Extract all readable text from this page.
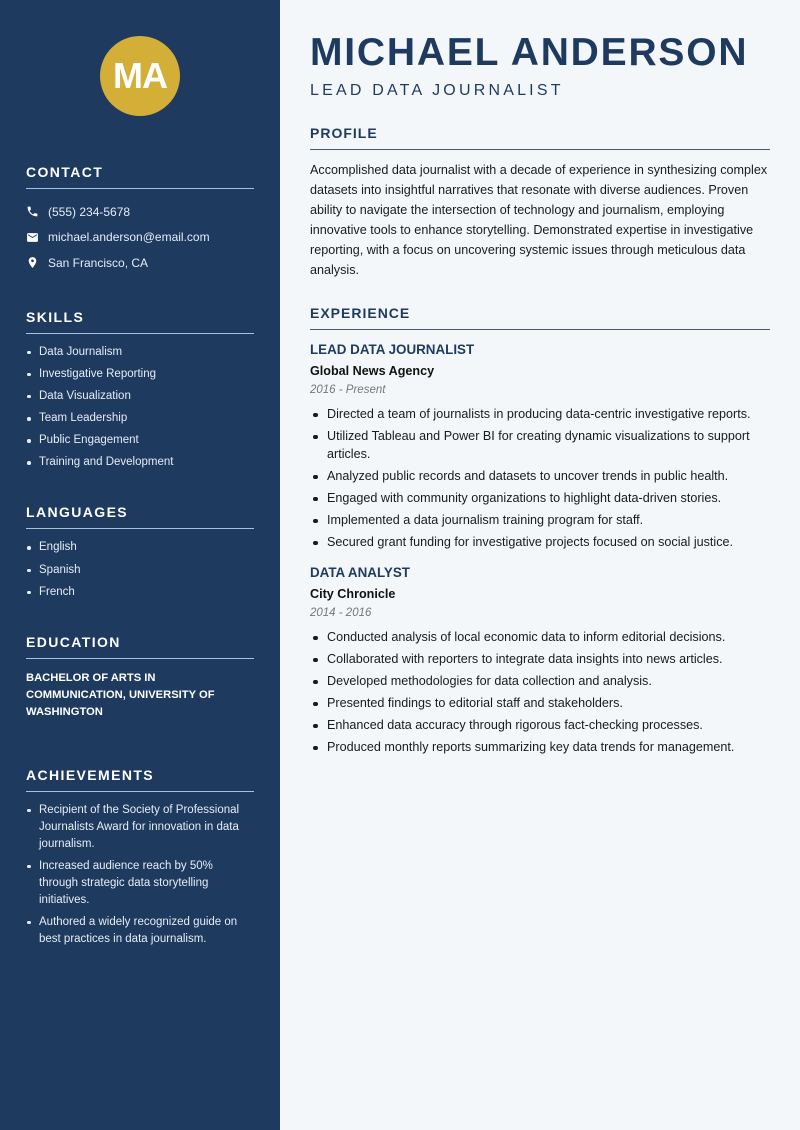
MA
CONTACT
(555) 234-5678
michael.anderson@email.com
San Francisco, CA
SKILLS
Data Journalism
Investigative Reporting
Data Visualization
Team Leadership
Public Engagement
Training and Development
LANGUAGES
English
Spanish
French
EDUCATION

BACHELOR OF ARTS IN COMMUNICATION, UNIVERSITY OF WASHINGTON

ACHIEVEMENTS
Recipient of the Society of Professional Journalists Award for innovation in data journalism.
Increased audience reach by 50% through strategic data storytelling initiatives.
Authored a widely recognized guide on best practices in data journalism.
MICHAEL ANDERSON
LEAD DATA JOURNALIST
PROFILE

Accomplished data journalist with a decade of experience in synthesizing complex datasets into insightful narratives that resonate with diverse audiences. Proven ability to navigate the intersection of technology and journalism, employing innovative tools to enhance storytelling. Demonstrated expertise in investigative reporting, with a focus on uncovering systemic issues through meticulous data analysis.

EXPERIENCE
LEAD DATA JOURNALIST
Global News Agency
2016 - Present
Directed a team of journalists in producing data-centric investigative reports.
Utilized Tableau and Power BI for creating dynamic visualizations to support articles.
Analyzed public records and datasets to uncover trends in public health.
Engaged with community organizations to highlight data-driven stories.
Implemented a data journalism training program for staff.
Secured grant funding for investigative projects focused on social justice.
DATA ANALYST
City Chronicle
2014 - 2016
Conducted analysis of local economic data to inform editorial decisions.
Collaborated with reporters to integrate data insights into news articles.
Developed methodologies for data collection and analysis.
Presented findings to editorial staff and stakeholders.
Enhanced data accuracy through rigorous fact-checking processes.
Produced monthly reports summarizing key data trends for management.
